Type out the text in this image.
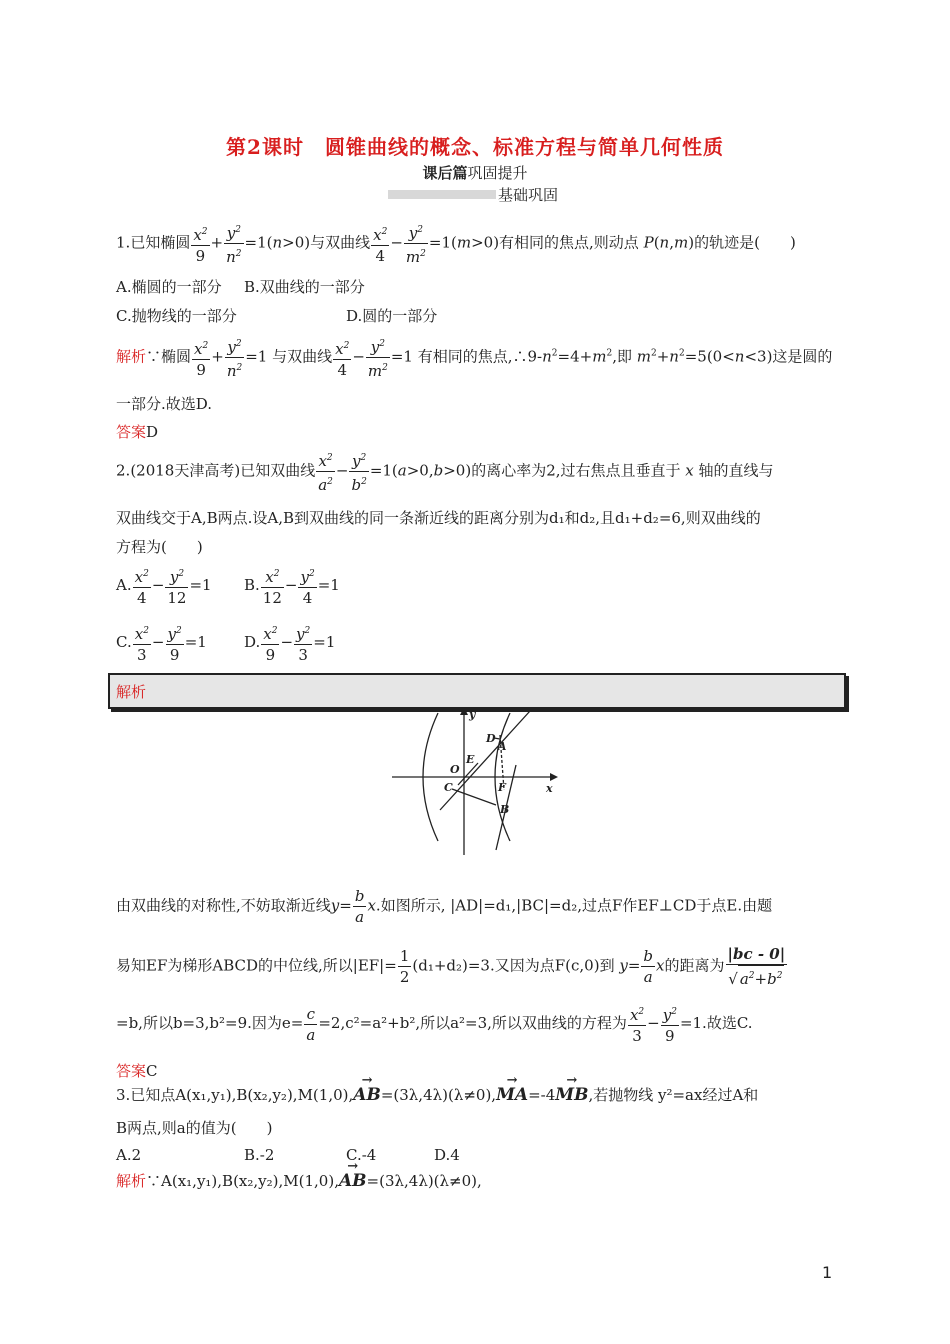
第2课时　圆锥曲线的概念、标准方程与简单几何性质
课后篇巩固提升
基础巩固
1.已知椭圆 $\frac{x^2}{9} + \frac{y^2}{n^2} =1(n>0)$与双曲线 $\frac{x^2}{4} - \frac{y^2}{m^2} =1(m>0)$有相同的焦点,则动点 P(n,m)的轨迹是(　　)
A.椭圆的一部分 B.双曲线的一部分
C.抛物线的一部分	D.圆的一部分
解析∵椭圆 $\frac{x^2}{9} + \frac{y^2}{n^2} =1$ 与双曲线 $\frac{x^2}{4} - \frac{y^2}{m^2} =1$ 有相同的焦点$,\therefore 9-n^2=4+m^2$,即 $m^2+n^2=5(0<n<3)$这是圆的
一部分.故选D.
答案D
2.(2018天津高考)已知双曲线 $\frac{x^2}{a^2} - \frac{y^2}{b^2} =1(a>0,b>0)$的离心率为2,过右焦点且垂直于 x 轴的直线与
双曲线交于A,B两点.设A,B到双曲线的同一条渐近线的距离分别为d₁和d₂,且d₁+d₂=6,则双曲线的
方程为(　　)
A. $\frac{x^2}{4} - \frac{y^2}{12} =1$ B. $\frac{x^2}{12} - \frac{y^2}{4} =1$
C. $\frac{x^2}{3} - \frac{y^2}{9} =1$ D. $\frac{x^2}{9} - \frac{y^2}{3} =1$
解析
y
x
O
A
B
C
D
E
F
由双曲线的对称性,不妨取渐近线$y= \frac{b}{a} x$.如图所示, |AD|=d₁,|BC|=d₂,过点F作EF⊥CD于点E.由题
易知EF为梯形ABCD的中位线,所以$|EF|= \frac{1}{2} (d_1+d_2)=3$.又因为点F(c,0)到 $y= \frac{b}{a}$ x的距离为 $\frac{|bc - 0|}{√ a^2+b^2}$
=b,所以b=3,b²=9.因为$e= \frac{c}{a} =2,c^2=a^2+b^2$,所以a²=3,所以双曲线的方程为 $\frac{x^2}{3} - \frac{y^2}{9} =1$.故选C.
答案C
3.已知点A(x₁,y₁),B(x₂,y₂),M(1,0),→ AB=(3λ,4λ)(λ≠0),→ MA=-4→ MB,若抛物线 y²=ax经过A和
B两点,则a的值为(　　)
A.2	B.-2	C.-4	D.4
解析∵A(x₁,y₁),B(x₂,y₂),M(1,0),→ AB=(3λ,4λ)(λ≠0),
1
